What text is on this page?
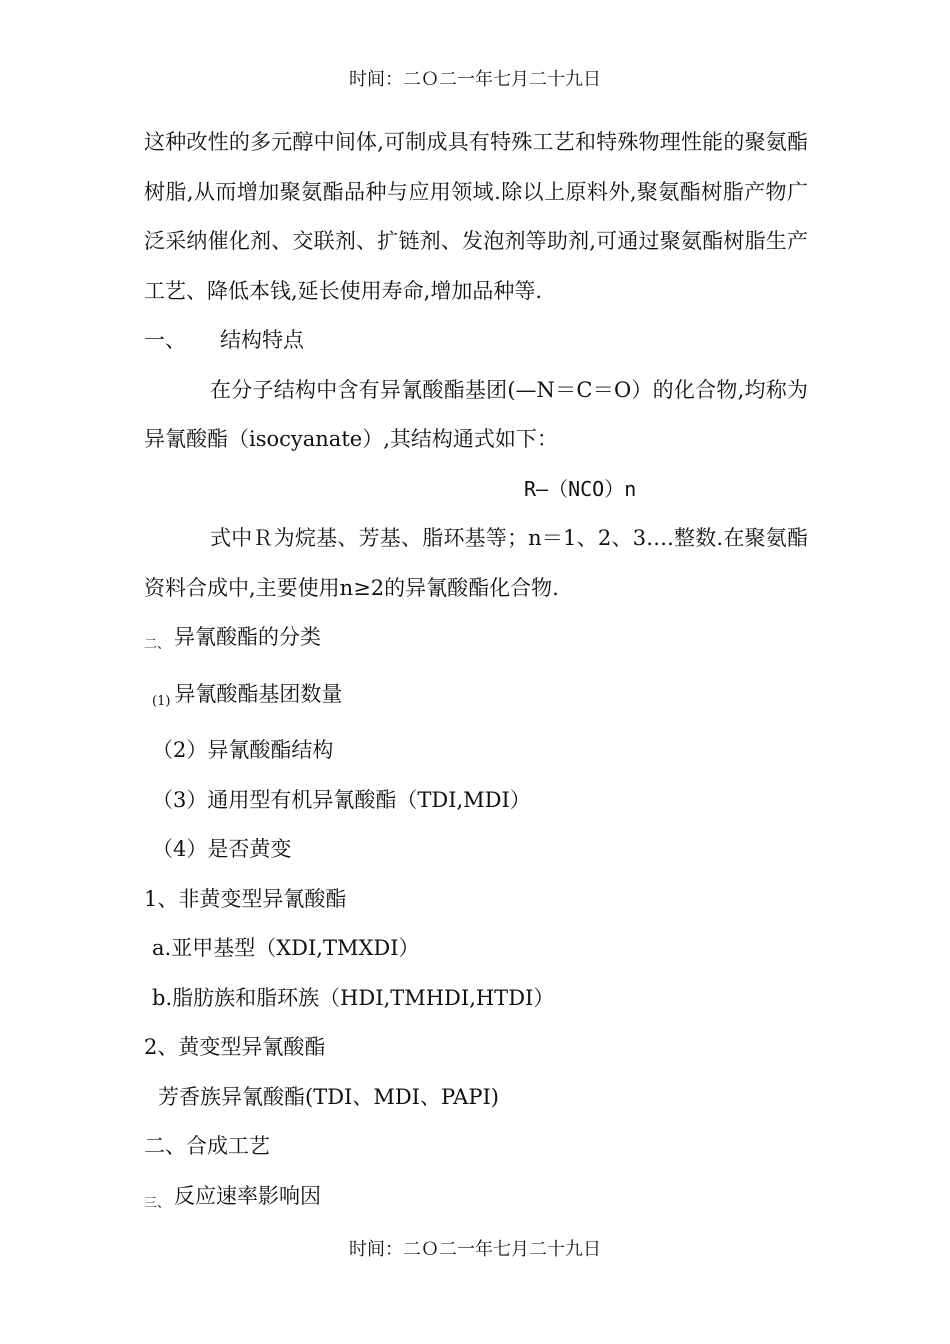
时间：二Ｏ二一年七月二十九日

这种改性的多元醇中间体,可制成具有特殊工艺和特殊物理性能的聚氨酯树脂,从而增加聚氨酯品种与应用领域.除以上原料外,聚氨酯树脂产物广泛采纳催化剂、交联剂、扩链剂、发泡剂等助剂,可通过聚氨酯树脂生产工艺、降低本钱,延长使用寿命,增加品种等.

一、 结构特点

在分子结构中含有异氰酸酯基团(—N＝C＝O）的化合物,均称为异氰酸酯（isocyanate）,其结构通式如下：

R—（NCO）n

式中Ｒ为烷基、芳基、脂环基等；n＝1、2、3….整数.在聚氨酯资料合成中,主要使用n≥2的异氰酸酯化合物.

二、 异氰酸酯的分类

(1) 异氰酸酯基团数量

（2）异氰酸酯结构

（3）通用型有机异氰酸酯（TDI,MDI）

（4）是否黄变

1、非黄变型异氰酸酯

a.亚甲基型（XDI,TMXDI）

b.脂肪族和脂环族（HDI,TMHDI,HTDI）

2、黄变型异氰酸酯

芳香族异氰酸酯(TDI、MDI、PAPI)

二、合成工艺

三、 反应速率影响因

时间：二Ｏ二一年七月二十九日
